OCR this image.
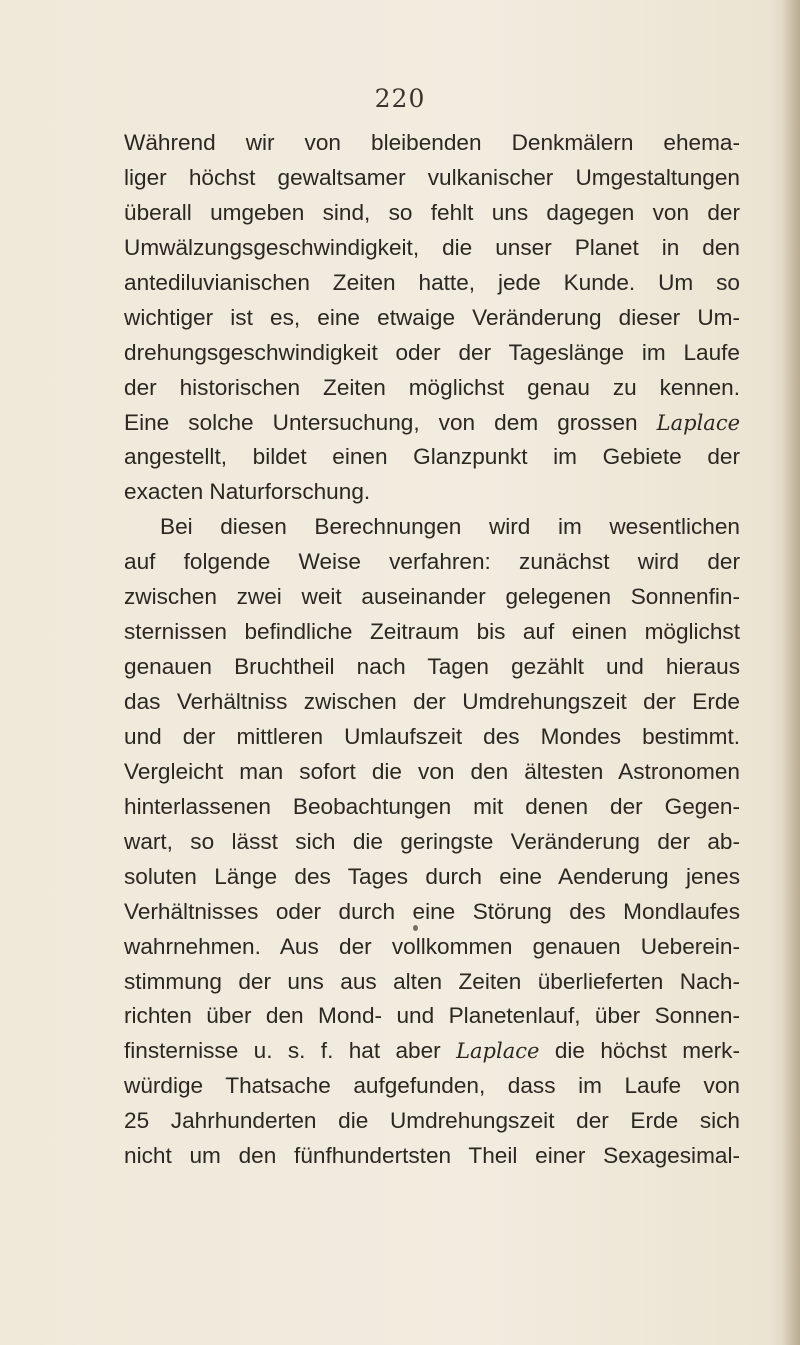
220
Während wir von bleibenden Denkmälern ehema-
liger höchst gewaltsamer vulkanischer Umgestaltungen
überall umgeben sind, so fehlt uns dagegen von der
Umwälzungsgeschwindigkeit, die unser Planet in den
antediluvianischen Zeiten hatte, jede Kunde. Um so
wichtiger ist es, eine etwaige Veränderung dieser Um-
drehungsgeschwindigkeit oder der Tageslänge im Laufe
der historischen Zeiten möglichst genau zu kennen.
Eine solche Untersuchung, von dem grossen Laplace
angestellt, bildet einen Glanzpunkt im Gebiete der
exacten Naturforschung.
Bei diesen Berechnungen wird im wesentlichen
auf folgende Weise verfahren: zunächst wird der
zwischen zwei weit auseinander gelegenen Sonnenfin-
sternissen befindliche Zeitraum bis auf einen möglichst
genauen Bruchtheil nach Tagen gezählt und hieraus
das Verhältniss zwischen der Umdrehungszeit der Erde
und der mittleren Umlaufszeit des Mondes bestimmt.
Vergleicht man sofort die von den ältesten Astronomen
hinterlassenen Beobachtungen mit denen der Gegen-
wart, so lässt sich die geringste Veränderung der ab-
soluten Länge des Tages durch eine Aenderung jenes
Verhältnisses oder durch eine Störung des Mondlaufes
wahrnehmen. Aus der vollkommen genauen Ueberein-
stimmung der uns aus alten Zeiten überlieferten Nach-
richten über den Mond- und Planetenlauf, über Sonnen-
finsternisse u. s. f. hat aber Laplace die höchst merk-
würdige Thatsache aufgefunden, dass im Laufe von
25 Jahrhunderten die Umdrehungszeit der Erde sich
nicht um den fünfhundertsten Theil einer Sexagesimal-
